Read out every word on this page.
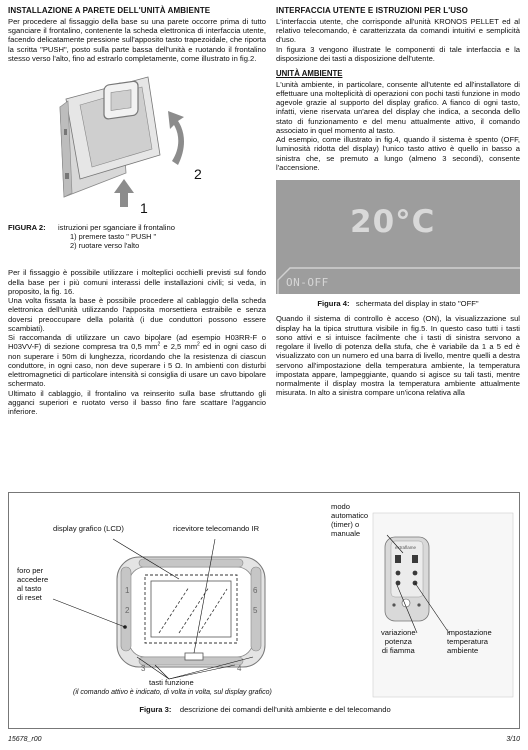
INSTALLAZIONE A PARETE DELL'UNITÀ AMBIENTE

Per procedere al fissaggio della base su una parete occorre prima di tutto sganciare il frontalino, contenente la scheda elettronica di interfaccia utente, facendo delicatamente pressione sull'apposito tasto trapezoidale, che riporta la scritta "PUSH", posto sulla parte bassa dell'unità e ruotando il frontalino stesso verso l'alto, fino ad estrarlo completamente, come illustrato in fig.2.

1
2
FIGURA 2:	istruzioni per sganciare il frontalino
1) premere tasto " PUSH "
2) ruotare verso l'alto

Per il fissaggio è possibile utilizzare i molteplici occhielli previsti sul fondo della base per i più comuni interassi delle installazioni civili; si veda, in proposito, la fig. 16.

Una volta fissata la base è possibile procedere al cablaggio della scheda elettronica dell'unità utilizzando l'apposita morsettiera estraibile e senza doversi preoccupare della polarità (i due conduttori possono essere scambiati).

Si raccomanda di utilizzare un cavo bipolare (ad esempio H03RR-F o H03VV-F) di sezione compresa tra 0,5 $mm^2$ e 2,5 $mm^2$ ed in ogni caso di non superare i 50m di lunghezza, ricordando che la resistenza di ciascun conduttore, in ogni caso, non deve superare i 5 Ω. In ambienti con disturbi elettromagnetici di particolare intensità si consiglia di usare un cavo bipolare schermato.

Ultimato il cablaggio, il frontalino va reinserito sulla base sfruttando gli agganci superiori e ruotato verso il basso fino fare scattare l'aggancio inferiore.

INTERFACCIA UTENTE E ISTRUZIONI PER L'USO

L'interfaccia utente, che corrisponde all'unità KRONOS PELLET ed al relativo telecomando, è caratterizzata da comandi intuitivi e semplicità d'uso.

In figura 3 vengono illustrate le componenti di tale interfaccia e la disposizione dei tasti a disposizione dell'utente.

UNITÀ AMBIENTE

L'unità ambiente, in particolare, consente all'utente ed all'installatore di effettuare una molteplicità di operazioni con pochi tasti funzione in modo agevole grazie al supporto del display grafico. A fianco di ogni tasto, infatti, viene riservata un'area del display che indica, a seconda dello stato di funzionamento e del menu attualmente attivo, il comando associato in quel momento al tasto.

Ad esempio, come illustrato in fig.4, quando il sistema è spento (OFF, luminosità ridotta del display) l'unico tasto attivo è quello in basso a sinistra che, se premuto a lungo (almeno 3 secondi), consente l'accensione.

20°C
ON-OFF
Figura 4: schermata del display in stato "OFF"

Quando il sistema di controllo è acceso (ON), la visualizzazione sul display ha la tipica struttura visibile in fig.5. In questo caso tutti i tasti sono attivi e si intuisce facilmente che i tasti di sinistra servono a regolare il livello di potenza della stufa, che è variabile da 1 a 5 ed è visualizzato con un numero ed una barra di livello, mentre quelli a destra servono all'impostazione della temperatura ambiente, la temperatura impostata appare, lampeggiante, quando si agisce su tali tasti, mentre normalmente il display mostra la temperatura ambiente attualmente misurata. In alto a sinistra compare un'icona relativa alla

1
2
3	4
5
6
extraflame
display grafico (LCD)	ricevitore telecomando IR
foro per
accedere
al tasto
di reset
tasti funzione
(il comando attivo è indicato, di volta in volta, sul display grafico)
modo
automatico
(timer) o
manuale
variazione
potenza
di fiamma
impostazione
temperatura
ambiente
Figura 3: descrizione dei comandi dell'unità ambiente e del telecomando
15678_r00	3/10
